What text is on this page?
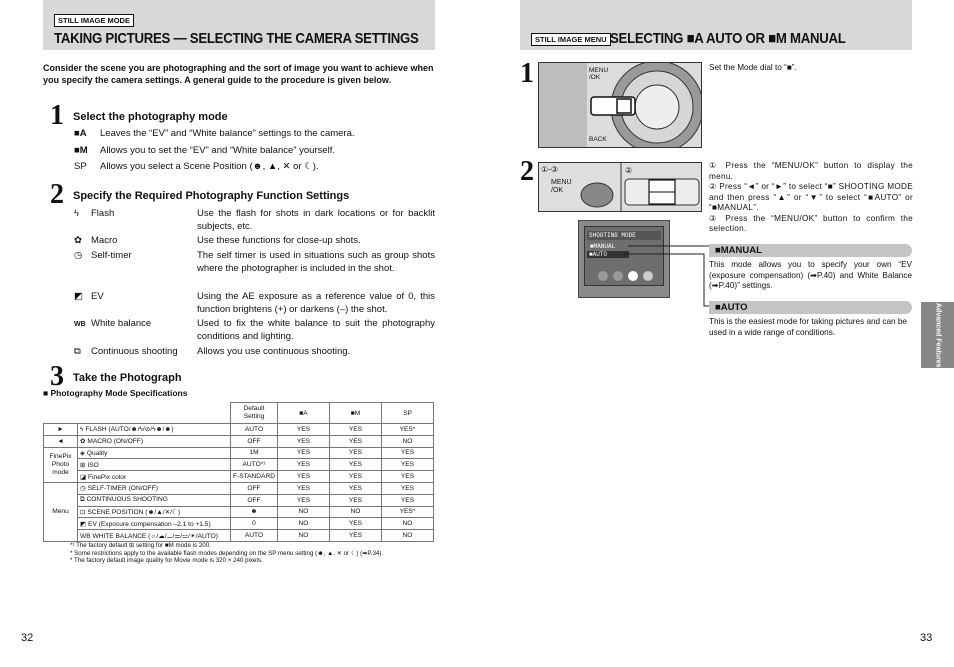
STILL IMAGE MODE
TAKING PICTURES — SELECTING THE CAMERA SETTINGS
Consider the scene you are photographing and the sort of image you want to achieve when you specify the camera settings. A general guide to the procedure is given below.
1 Select the photography mode
■A	Leaves the “EV” and “White balance” settings to the camera.
■M	Allows you to set the “EV” and “White balance” yourself.
SP	Allows you select a Scene Position (☻, ▲, ✕ or ☾).
2 Specify the Required Photography Function Settings
ϟ Flash	Use the flash for shots in dark locations or for backlit subjects, etc.
✿ Macro	Use these functions for close-up shots.
◷ Self-timer	The self timer is used in situations such as group shots where the photographer is included in the shot.
◩ EV	Using the AE exposure as a reference value of 0, this function brightens (+) or darkens (–) the shot.
WB White balance	Used to fix the white balance to suit the photography conditions and lighting.
⧉ Continuous shooting Allows you use continuous shooting.
3 Take the Photograph
■ Photography Mode Specifications
		Default Setting	■A	■M	SP
►	ϟ FLASH (AUTO/☻/ϟ/⊘/ϟ☻/☻)	AUTO	YES	YES	YES*
◄	✿ MACRO (ON/OFF)	OFF	YES	YES	NO
FinePix Photo mode	◈ Quality	1M	YES	YES	YES
	⊞ ISO	AUTO*¹	YES	YES	YES
	◪ FinePix color	F-STANDARD	YES	YES	YES
Menu	◷ SELF-TIMER (ON/OFF)	OFF	YES	YES	YES
	⧉ CONTINUOUS SHOOTING	OFF	YES	YES	YES
	⊡ SCENE POSITION (☻/▲/✕/☾)	☻	NO	NO	YES*
	◩ EV (Exposure compensation –2.1 to +1.5)	0	NO	YES	NO
	WB WHITE BALANCE (☼/☁/⚊/⚌/⚍/☀/AUTO)	AUTO	NO	YES	NO
*¹ The factory default ⊞ setting for ■M mode is 200.
* Some restrictions apply to the available flash modes depending on the SP menu setting (☻, ▲, ✕ or ☾) (➡P.34).
* The factory default image quality for Movie mode is 320 × 240 pixels.
32
STILL IMAGE MENU SELECTING ■A AUTO OR ■M MANUAL
1	MENU /OK
BACK
Set the Mode dial to “■”.
2 ①-③
MENU /OK
②
SHOOTING MODE
■MANUAL
■AUTO
① Press the “MENU/OK” button to display the menu.
② Press “◄” or “►” to select “■” SHOOTING MODE and then press “▲” or “▼” to select “■AUTO” or “■MANUAL”.
③ Press the “MENU/OK” button to confirm the selection.
■MANUAL
This mode allows you to specify your own “EV (exposure compensation) (➡P.40) and White Balance (➡P.40)” settings.
■AUTO
This is the easiest mode for taking pictures and can be used in a wide range of conditions.	Advanced Features
33
